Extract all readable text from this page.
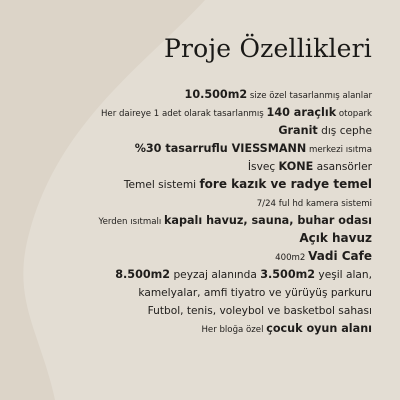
Proje Özellikleri
10.500m2 size özel tasarlanmış alanlar
Her daireye 1 adet olarak tasarlanmış 140 araçlık otopark
Granit dış cephe
%30 tasarruflu VIESSMANN merkezi ısıtma
İsveç KONE asansörler
Temel sistemi fore kazık ve radye temel
7/24 ful hd kamera sistemi
Yerden ısıtmalı kapalı havuz, sauna, buhar odası
Açık havuz
400m2 Vadi Cafe
8.500m2 peyzaj alanında 3.500m2 yeşil alan,
kamelyalar, amfi tiyatro ve yürüyüş parkuru
Futbol, tenis, voleybol ve basketbol sahası
Her bloğa özel çocuk oyun alanı
